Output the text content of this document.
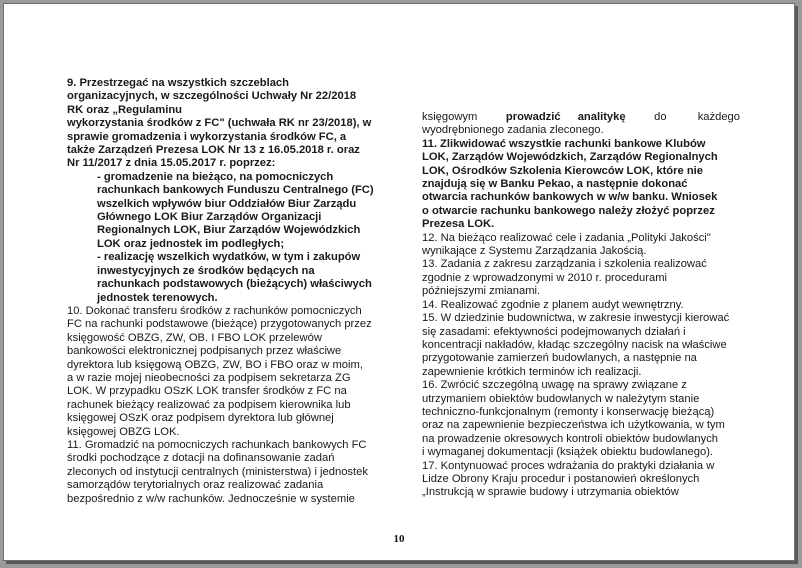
9. Przestrzegać na wszystkich szczeblach

organizacyjnych, w szczególności Uchwały Nr 22/2018

RK oraz „Regulaminu

wykorzystania środków z FC" (uchwała RK nr 23/2018), w

sprawie gromadzenia i wykorzystania środków FC, a

także Zarządzeń Prezesa LOK Nr 13 z 16.05.2018 r. oraz

Nr 11/2017 z dnia 15.05.2017 r. poprzez:

- gromadzenie na bieżąco, na pomocniczych

rachunkach bankowych Funduszu Centralnego (FC)

wszelkich wpływów biur Oddziałów Biur Zarządu

Głównego LOK Biur Zarządów Organizacji

Regionalnych LOK, Biur Zarządów Wojewódzkich

LOK oraz jednostek im podległych;

- realizację wszelkich wydatków, w tym i zakupów

inwestycyjnych ze środków będących na

rachunkach podstawowych (bieżących) właściwych

jednostek terenowych.

10. Dokonać transferu środków z rachunków pomocniczych

FC na rachunki podstawowe (bieżące) przygotowanych przez

księgowość OBZG, ZW, OB. I FBO LOK przelewów

bankowości elektronicznej podpisanych przez właściwe

dyrektora lub księgową OBZG, ZW, BO i FBO oraz w moim,

a w razie mojej nieobecności za podpisem sekretarza ZG

LOK. W przypadku OSzK LOK transfer środków z FC na

rachunek bieżący realizować za podpisem kierownika lub

księgowej OSzK oraz podpisem dyrektora lub głównej

księgowej OBZG LOK.

11. Gromadzić na pomocniczych rachunkach bankowych FC

środki pochodzące z dotacji na dofinansowanie zadań

zleconych od instytucji centralnych (ministerstwa) i jednostek

samorządów terytorialnych oraz realizować zadania

bezpośrednio z w/w rachunków. Jednocześnie w systemie

księgowym	prowadzić analitykę	do każdego

wyodrębnionego zadania zleconego.

11. Zlikwidować wszystkie rachunki bankowe Klubów

LOK, Zarządów Wojewódzkich, Zarządów Regionalnych

LOK, Ośrodków Szkolenia Kierowców LOK, które nie

znajdują się w Banku Pekao, a następnie dokonać

otwarcia rachunków bankowych w w/w banku. Wniosek

o otwarcie rachunku bankowego należy złożyć poprzez

Prezesa LOK.

12. Na bieżąco realizować cele i zadania „Polityki Jakości"

wynikające z Systemu Zarządzania Jakością.

13. Zadania z zakresu zarządzania i szkolenia realizować

zgodnie z wprowadzonymi w 2010 r. procedurami

późniejszymi zmianami.

14. Realizować zgodnie z planem audyt wewnętrzny.

15. W dziedzinie budownictwa, w zakresie inwestycji kierować

się zasadami: efektywności podejmowanych działań i

koncentracji nakładów, kładąc szczególny nacisk na właściwe

przygotowanie zamierzeń budowlanych, a następnie na

zapewnienie krótkich terminów ich realizacji.

16. Zwrócić szczególną uwagę na sprawy związane z

utrzymaniem obiektów budowlanych w należytym stanie

techniczno-funkcjonalnym (remonty i konserwację bieżącą)

oraz na zapewnienie bezpieczeństwa ich użytkowania, w tym

na prowadzenie okresowych kontroli obiektów budowlanych

i wymaganej dokumentacji (książek obiektu budowlanego).

17. Kontynuować proces wdrażania do praktyki działania w

Lidze Obrony Kraju procedur i postanowień określonych

„Instrukcją w sprawie budowy i utrzymania obiektów

10
